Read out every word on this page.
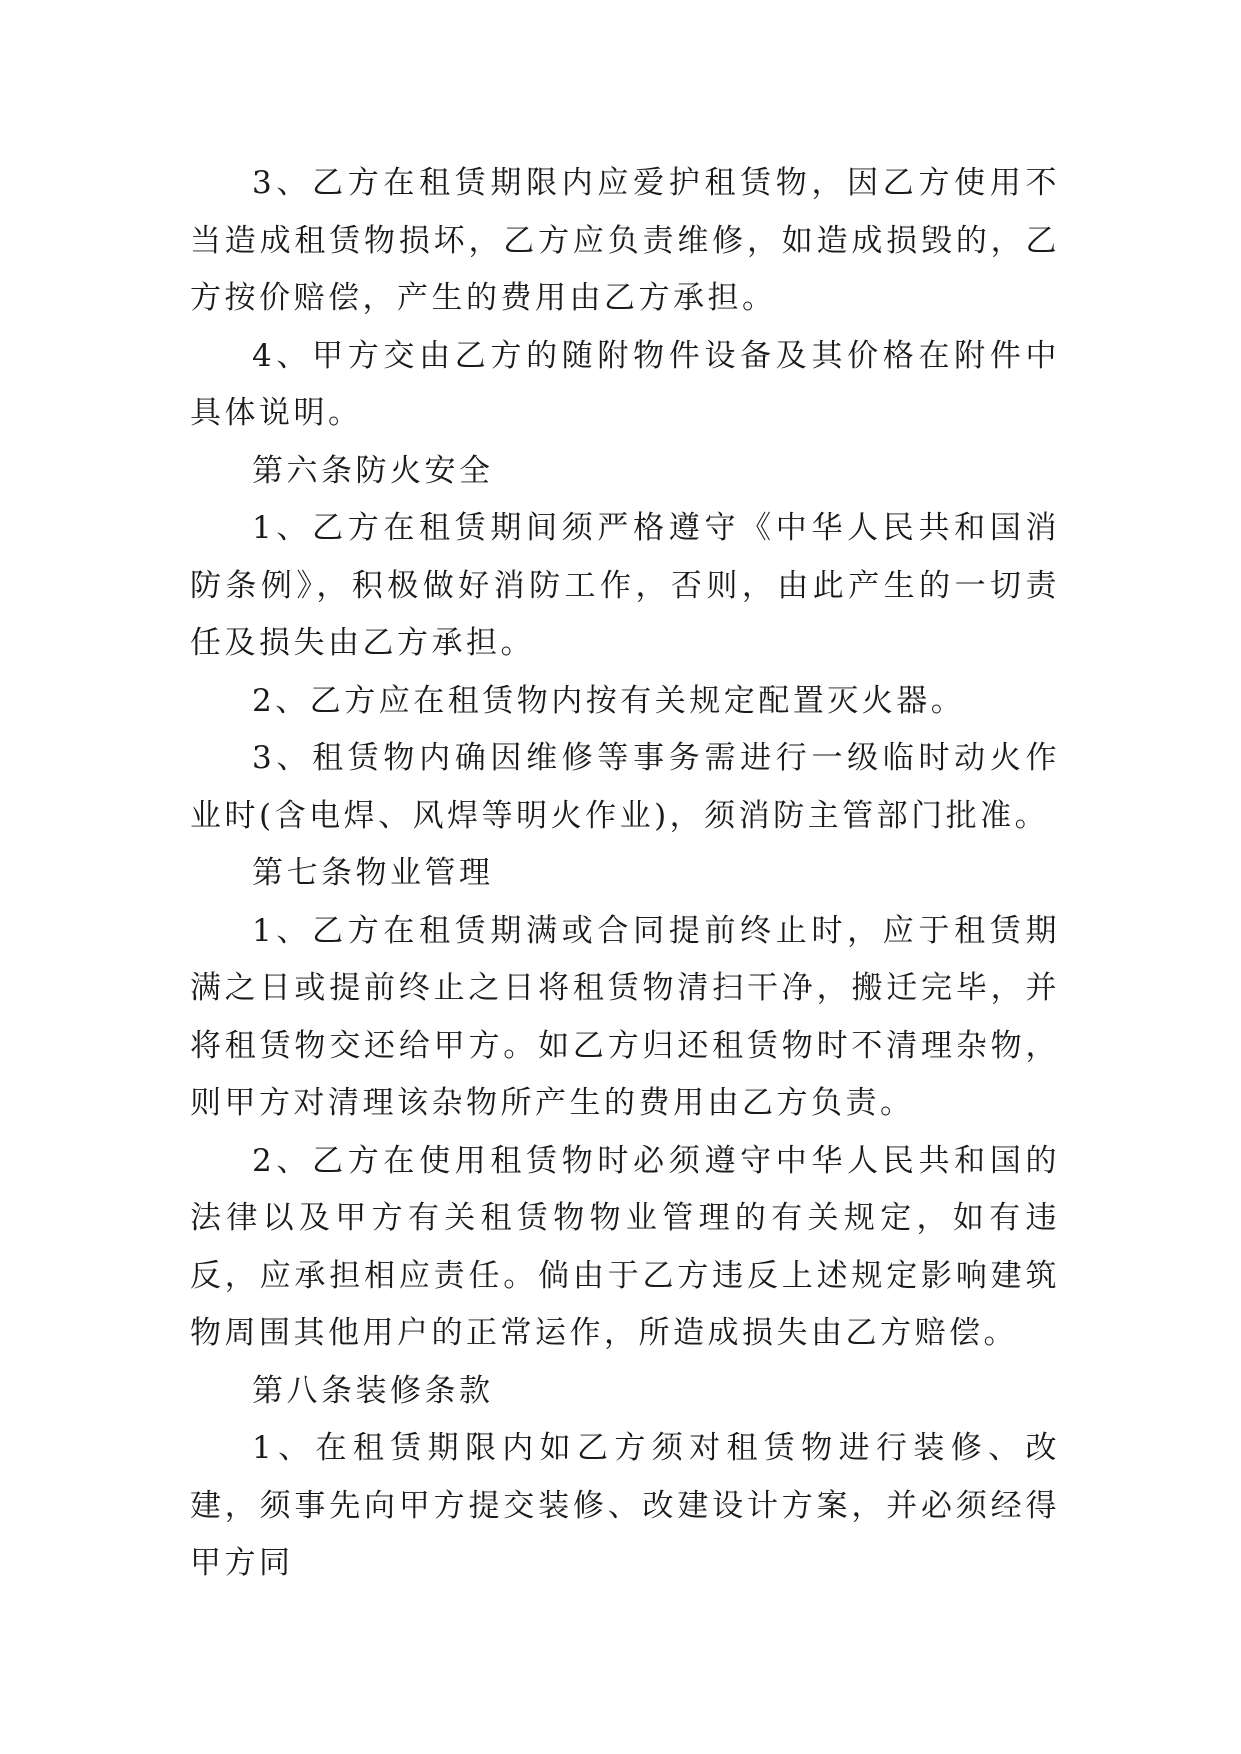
3、乙方在租赁期限内应爱护租赁物，因乙方使用不当造成租赁物损坏，乙方应负责维修，如造成损毁的，乙方按价赔偿，产生的费用由乙方承担。

4、甲方交由乙方的随附物件设备及其价格在附件中具体说明。

第六条防火安全

1、乙方在租赁期间须严格遵守《中华人民共和国消防条例》，积极做好消防工作，否则，由此产生的一切责任及损失由乙方承担。

2、乙方应在租赁物内按有关规定配置灭火器。

3、租赁物内确因维修等事务需进行一级临时动火作业时(含电焊、风焊等明火作业)，须消防主管部门批准。

第七条物业管理

1、乙方在租赁期满或合同提前终止时，应于租赁期满之日或提前终止之日将租赁物清扫干净，搬迁完毕，并将租赁物交还给甲方。如乙方归还租赁物时不清理杂物，则甲方对清理该杂物所产生的费用由乙方负责。

2、乙方在使用租赁物时必须遵守中华人民共和国的法律以及甲方有关租赁物物业管理的有关规定，如有违反，应承担相应责任。倘由于乙方违反上述规定影响建筑物周围其他用户的正常运作，所造成损失由乙方赔偿。

第八条装修条款

1、在租赁期限内如乙方须对租赁物进行装修、改建，须事先向甲方提交装修、改建设计方案，并必须经得甲方同
